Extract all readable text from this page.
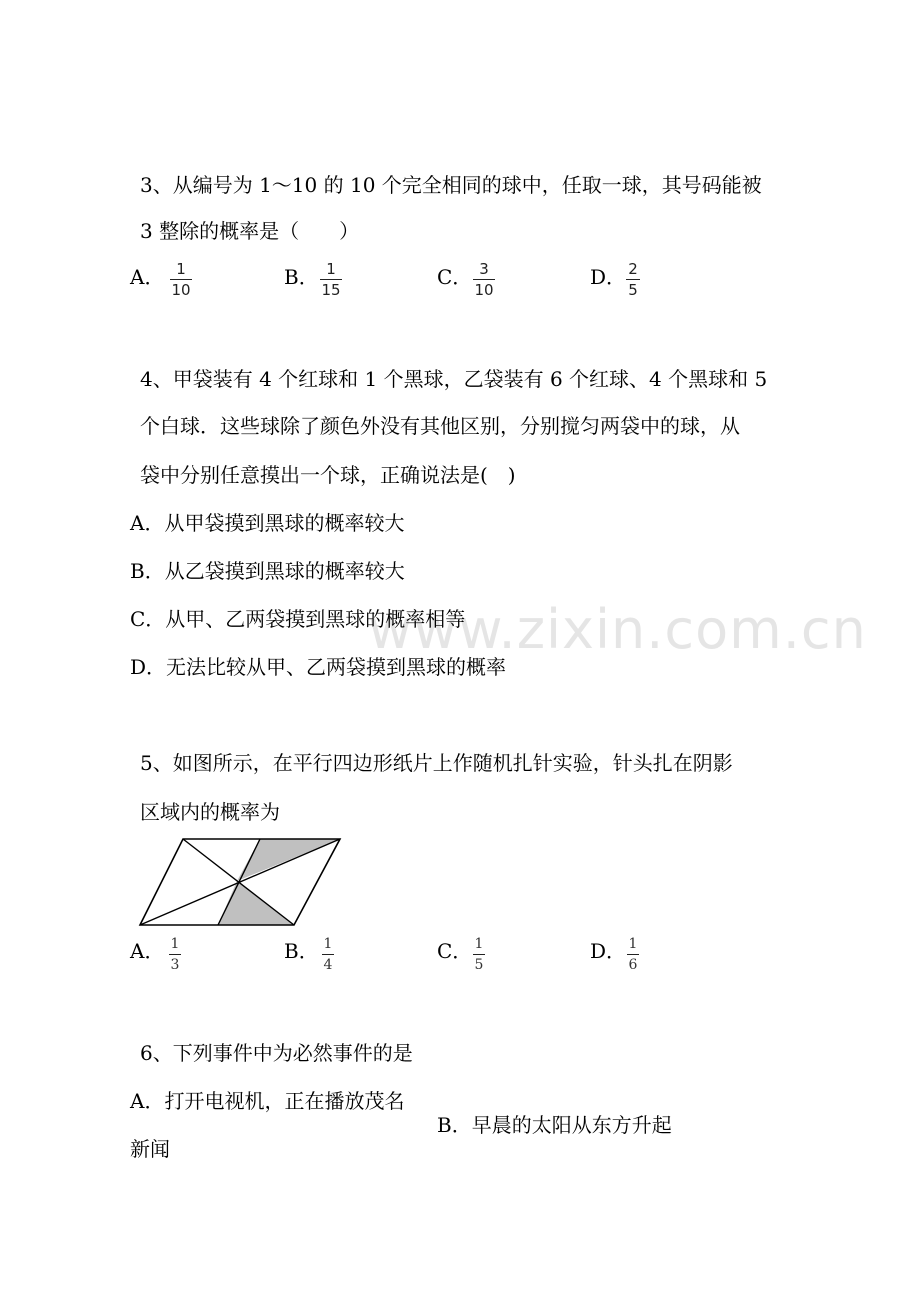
www.zixin.com.cn
3、从编号为 1～10 的 10 个完全相同的球中，任取一球，其号码能被
3 整除的概率是（　　）
A． 1
10
B． 1
15
C． 3
10
D． 2
5
4、甲袋装有 4 个红球和 1 个黑球，乙袋装有 6 个红球、4 个黑球和 5
个白球．这些球除了颜色外没有其他区别，分别搅匀两袋中的球，从
袋中分别任意摸出一个球，正确说法是(　)
A．从甲袋摸到黑球的概率较大
B．从乙袋摸到黑球的概率较大
C．从甲、乙两袋摸到黑球的概率相等
D．无法比较从甲、乙两袋摸到黑球的概率
5、如图所示，在平行四边形纸片上作随机扎针实验，针头扎在阴影
区域内的概率为
A． 1
3
B． 1
4
C． 1
5
D． 1
6
6、下列事件中为必然事件的是
A．打开电视机，正在播放茂名
B．早晨的太阳从东方升起
新闻
